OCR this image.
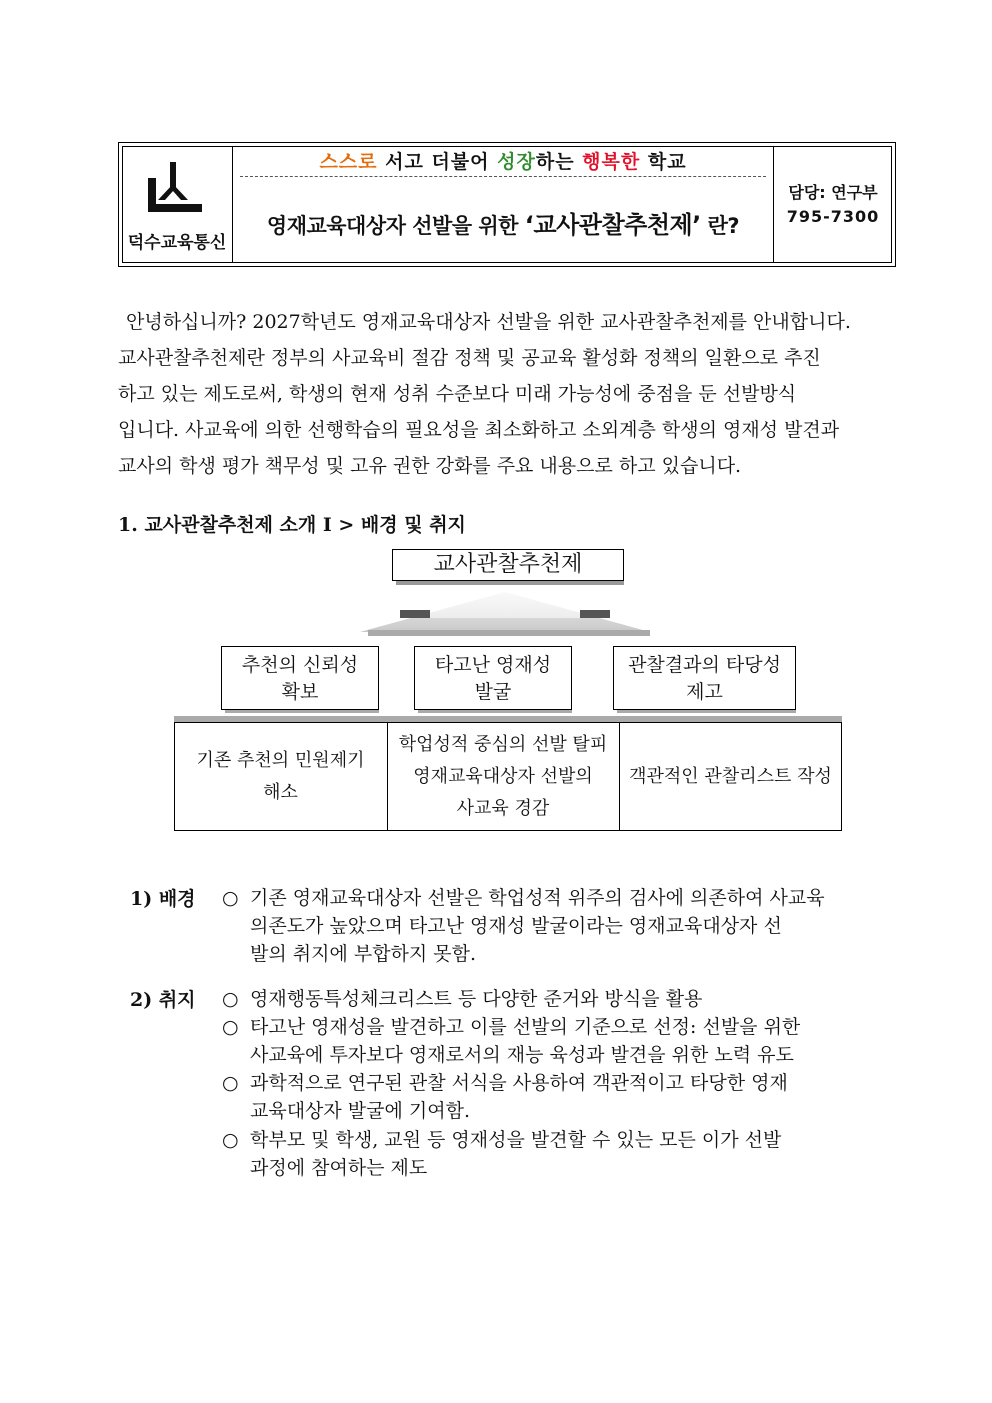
덕수교육통신
스스로 서고 더불어 성장하는 행복한 학교
영재교육대상자 선발을 위한 ‘교사관찰추천제’ 란?
담당: 연구부
795-7300
안녕하십니까? 2027학년도 영재교육대상자 선발을 위한 교사관찰추천제를 안내합니다.
교사관찰추천제란 정부의 사교육비 절감 정책 및 공교육 활성화 정책의 일환으로 추진
하고 있는 제도로써, 학생의 현재 성취 수준보다 미래 가능성에 중점을 둔 선발방식
입니다. 사교육에 의한 선행학습의 필요성을 최소화하고 소외계층 학생의 영재성 발견과
교사의 학생 평가 책무성 및 고유 권한 강화를 주요 내용으로 하고 있습니다.
1. 교사관찰추천제 소개 Ⅰ > 배경 및 취지
교사관찰추천제
추천의 신뢰성
확보
타고난 영재성
발굴
관찰결과의 타당성
제고
기존 추천의 민원제기
해소
학업성적 중심의 선발 탈피
영재교육대상자 선발의
사교육 경감
객관적인 관찰리스트 작성
1) 배경 ○ 기존 영재교육대상자 선발은 학업성적 위주의 검사에 의존하여 사교육
의존도가 높았으며 타고난 영재성 발굴이라는 영재교육대상자 선
발의 취지에 부합하지 못함.
2) 취지 ○ 영재행동특성체크리스트 등 다양한 준거와 방식을 활용
○ 타고난 영재성을 발견하고 이를 선발의 기준으로 선정: 선발을 위한
사교육에 투자보다 영재로서의 재능 육성과 발견을 위한 노력 유도
○ 과학적으로 연구된 관찰 서식을 사용하여 객관적이고 타당한 영재
교육대상자 발굴에 기여함.
○ 학부모 및 학생, 교원 등 영재성을 발견할 수 있는 모든 이가 선발
과정에 참여하는 제도
